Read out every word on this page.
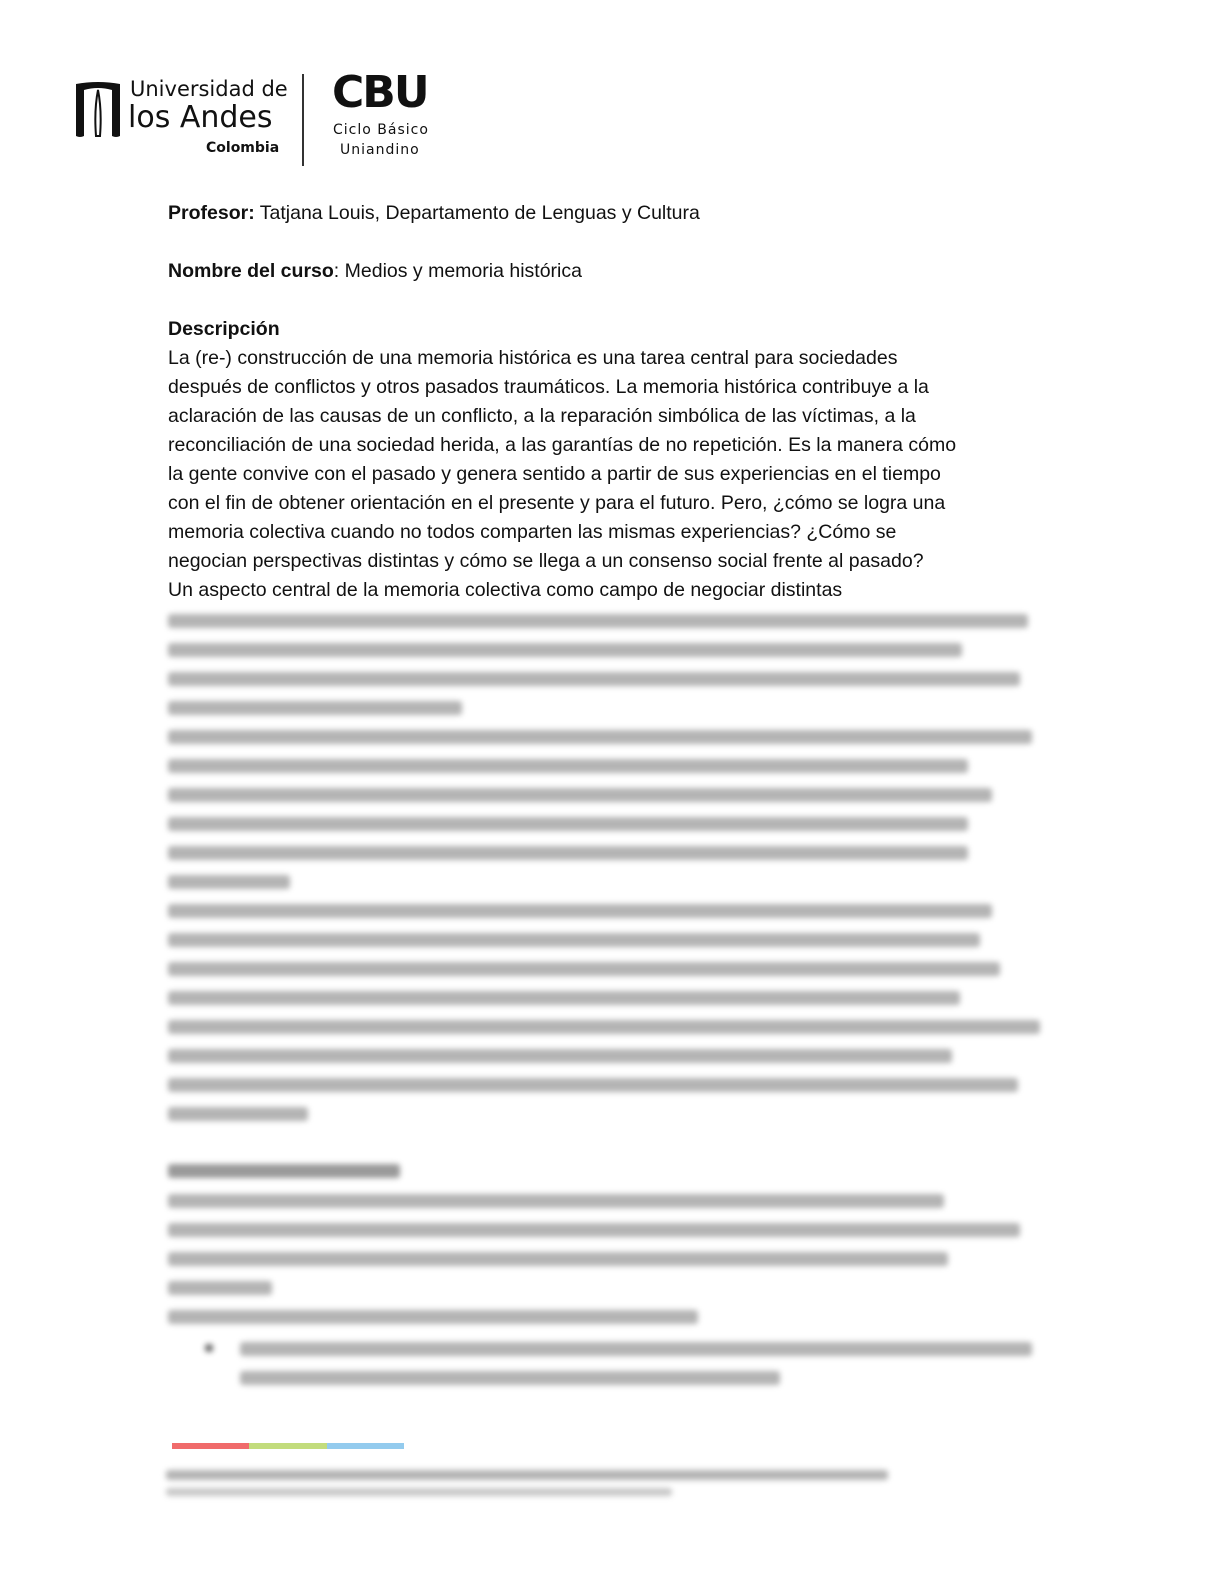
Universidad de
los Andes
Colombia
CBU
Ciclo Básico
Uniandino
Profesor: Tatjana Louis, Departamento de Lenguas y Cultura
Nombre del curso: Medios y memoria histórica
Descripción
La (re-) construcción de una memoria histórica es una tarea central para sociedades
después de conflictos y otros pasados traumáticos. La memoria histórica contribuye a la
aclaración de las causas de un conflicto, a la reparación simbólica de las víctimas, a la
reconciliación de una sociedad herida, a las garantías de no repetición. Es la manera cómo
la gente convive con el pasado y genera sentido a partir de sus experiencias en el tiempo
con el fin de obtener orientación en el presente y para el futuro. Pero, ¿cómo se logra una
memoria colectiva cuando no todos comparten las mismas experiencias? ¿Cómo se
negocian perspectivas distintas y cómo se llega a un consenso social frente al pasado?
Un aspecto central de la memoria colectiva como campo de negociar distintas
